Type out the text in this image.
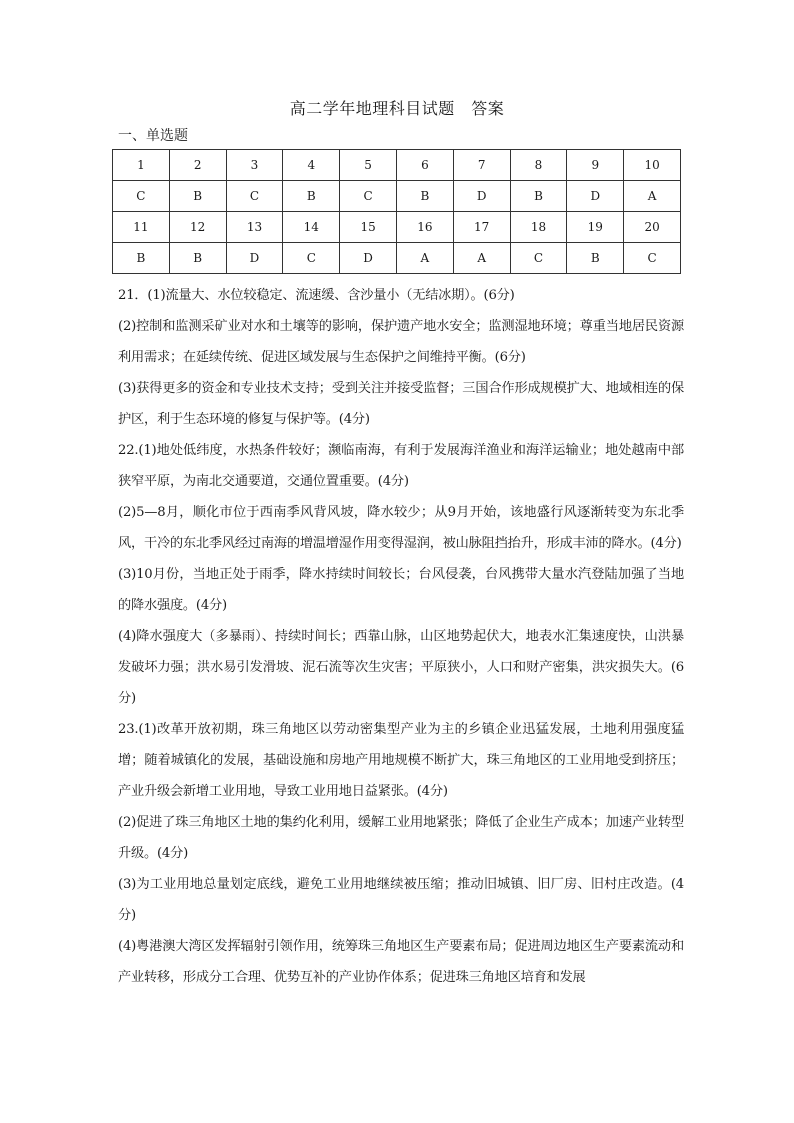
高二学年地理科目试题　答案
一、单选题
1	2	3	4	5	6	7	8	9	10
C	B	C	B	C	B	D	B	D	A
11	12	13	14	15	16	17	18	19	20
B	B	D	C	D	A	A	C	B	C

21．(1)流量大、水位较稳定、流速缓、含沙量小（无结冰期）。(6分)

(2)控制和监测采矿业对水和土壤等的影响，保护遗产地水安全；监测湿地环境；尊重当地居民资源利用需求；在延续传统、促进区域发展与生态保护之间维持平衡。(6分)

(3)获得更多的资金和专业技术支持；受到关注并接受监督；三国合作形成规模扩大、地域相连的保护区，利于生态环境的修复与保护等。(4分)

22.(1)地处低纬度，水热条件较好；濒临南海，有利于发展海洋渔业和海洋运输业；地处越南中部狭窄平原，为南北交通要道，交通位置重要。(4分)

(2)5—8月，顺化市位于西南季风背风坡，降水较少；从9月开始，该地盛行风逐渐转变为东北季风，干冷的东北季风经过南海的增温增湿作用变得湿润，被山脉阻挡抬升，形成丰沛的降水。(4分)

(3)10月份，当地正处于雨季，降水持续时间较长；台风侵袭，台风携带大量水汽登陆加强了当地的降水强度。(4分)

(4)降水强度大（多暴雨）、持续时间长；西靠山脉，山区地势起伏大，地表水汇集速度快，山洪暴发破坏力强；洪水易引发滑坡、泥石流等次生灾害；平原狭小，人口和财产密集，洪灾损失大。(6分)

23.(1)改革开放初期，珠三角地区以劳动密集型产业为主的乡镇企业迅猛发展，土地利用强度猛增；随着城镇化的发展，基础设施和房地产用地规模不断扩大，珠三角地区的工业用地受到挤压；产业升级会新增工业用地，导致工业用地日益紧张。(4分)

(2)促进了珠三角地区土地的集约化利用，缓解工业用地紧张；降低了企业生产成本；加速产业转型升级。(4分)

(3)为工业用地总量划定底线，避免工业用地继续被压缩；推动旧城镇、旧厂房、旧村庄改造。(4分)

(4)粤港澳大湾区发挥辐射引领作用，统筹珠三角地区生产要素布局；促进周边地区生产要素流动和产业转移，形成分工合理、优势互补的产业协作体系；促进珠三角地区培育和发展
